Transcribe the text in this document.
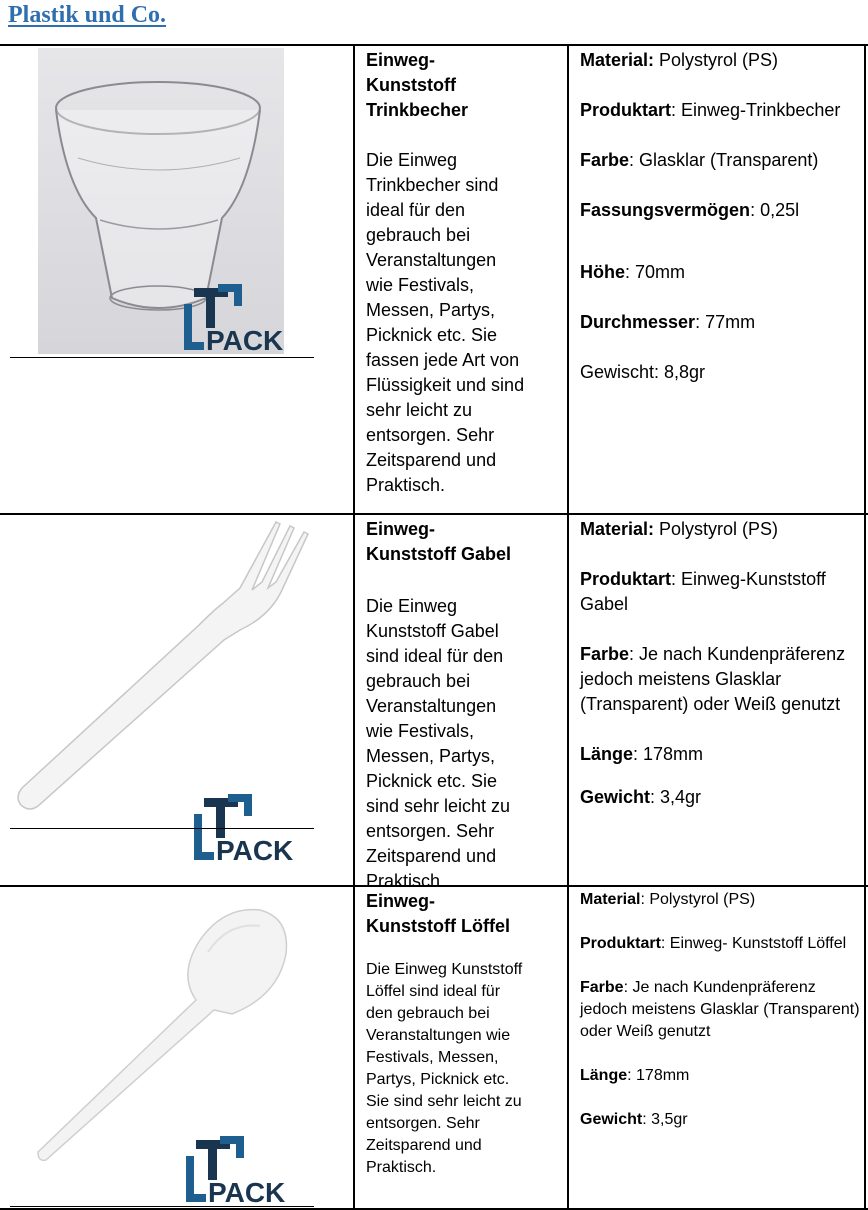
Plastik und Co.
PACK
Einweg-
Kunststoff
Trinkbecher
Die Einweg
Trinkbecher sind
ideal für den
gebrauch bei
Veranstaltungen
wie Festivals,
Messen, Partys,
Picknick etc. Sie
fassen jede Art von
Flüssigkeit und sind
sehr leicht zu
entsorgen. Sehr
Zeitsparend und
Praktisch.

Material: Polystyrol (PS)

Produktart: Einweg-Trinkbecher

Farbe: Glasklar (Transparent)

Fassungsvermögen: 0,25l

Höhe: 70mm

Durchmesser: 77mm

Gewischt: 8,8gr

PACK
Einweg-
Kunststoff Gabel
Die Einweg
Kunststoff Gabel
sind ideal für den
gebrauch bei
Veranstaltungen
wie Festivals,
Messen, Partys,
Picknick etc. Sie
sind sehr leicht zu
entsorgen. Sehr
Zeitsparend und
Praktisch.

Material: Polystyrol (PS)

Produktart: Einweg-Kunststoff Gabel

Farbe: Je nach Kundenpräferenz jedoch meistens Glasklar (Transparent) oder Weiß genutzt

Länge: 178mm

Gewicht: 3,4gr

PACK
Einweg-
Kunststoff Löffel
Die Einweg Kunststoff
Löffel sind ideal für
den gebrauch bei
Veranstaltungen wie
Festivals, Messen,
Partys, Picknick etc.
Sie sind sehr leicht zu
entsorgen. Sehr
Zeitsparend und
Praktisch.

Material: Polystyrol (PS)

Produktart: Einweg- Kunststoff Löffel

Farbe: Je nach Kundenpräferenz jedoch meistens Glasklar (Transparent) oder Weiß genutzt

Länge: 178mm

Gewicht: 3,5gr
